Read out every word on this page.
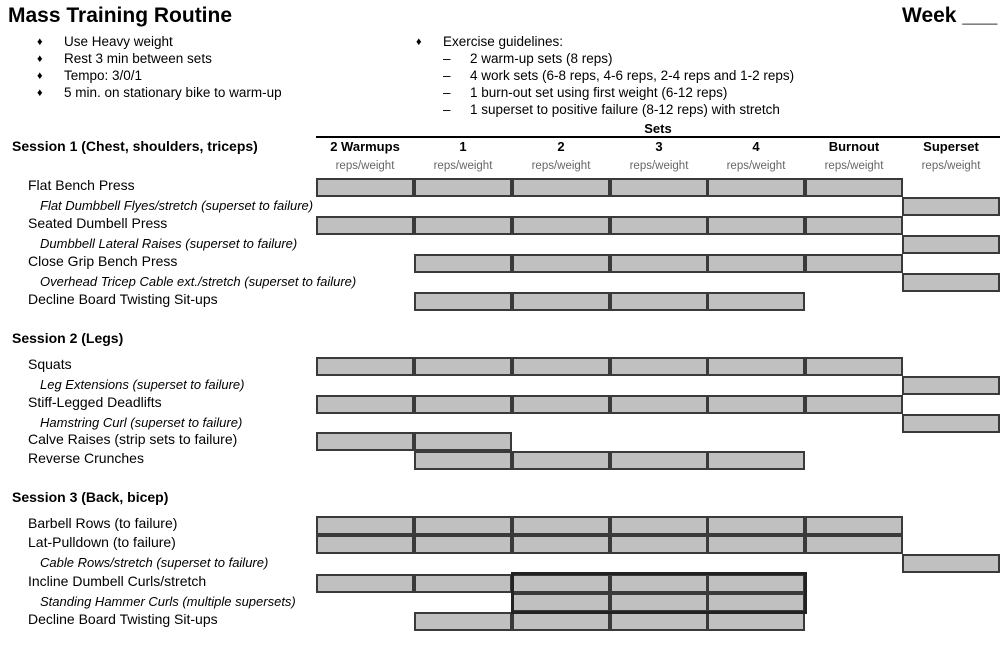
Mass Training Routine	Week ___
♦ Use Heavy weight
♦ Rest 3 min between sets
♦ Tempo: 3/0/1
♦ 5 min. on stationary bike to warm-up
♦ Exercise guidelines:
– 2 warm-up sets (8 reps)
– 4 work sets (6-8 reps, 4-6 reps, 2-4 reps and 1-2 reps)
– 1 burn-out set using first weight (6-12 reps)
– 1 superset to positive failure (8-12 reps) with stretch
Sets
2 Warmups
reps/weight
1
reps/weight
2
reps/weight
3
reps/weight
4
reps/weight
Burnout
reps/weight
Superset
reps/weight
Session 1 (Chest, shoulders, triceps)
Flat Bench Press
Flat Dumbbell Flyes/stretch (superset to failure)
Seated Dumbell Press
Dumbbell Lateral Raises (superset to failure)
Close Grip Bench Press
Overhead Tricep Cable ext./stretch (superset to failure)
Decline Board Twisting Sit-ups
Session 2 (Legs)
Squats
Leg Extensions (superset to failure)
Stiff-Legged Deadlifts
Hamstring Curl (superset to failure)
Calve Raises (strip sets to failure)
Reverse Crunches
Session 3 (Back, bicep)
Barbell Rows (to failure)
Lat-Pulldown (to failure)
Cable Rows/stretch (superset to failure)
Incline Dumbell Curls/stretch
Standing Hammer Curls (multiple supersets)
Decline Board Twisting Sit-ups
